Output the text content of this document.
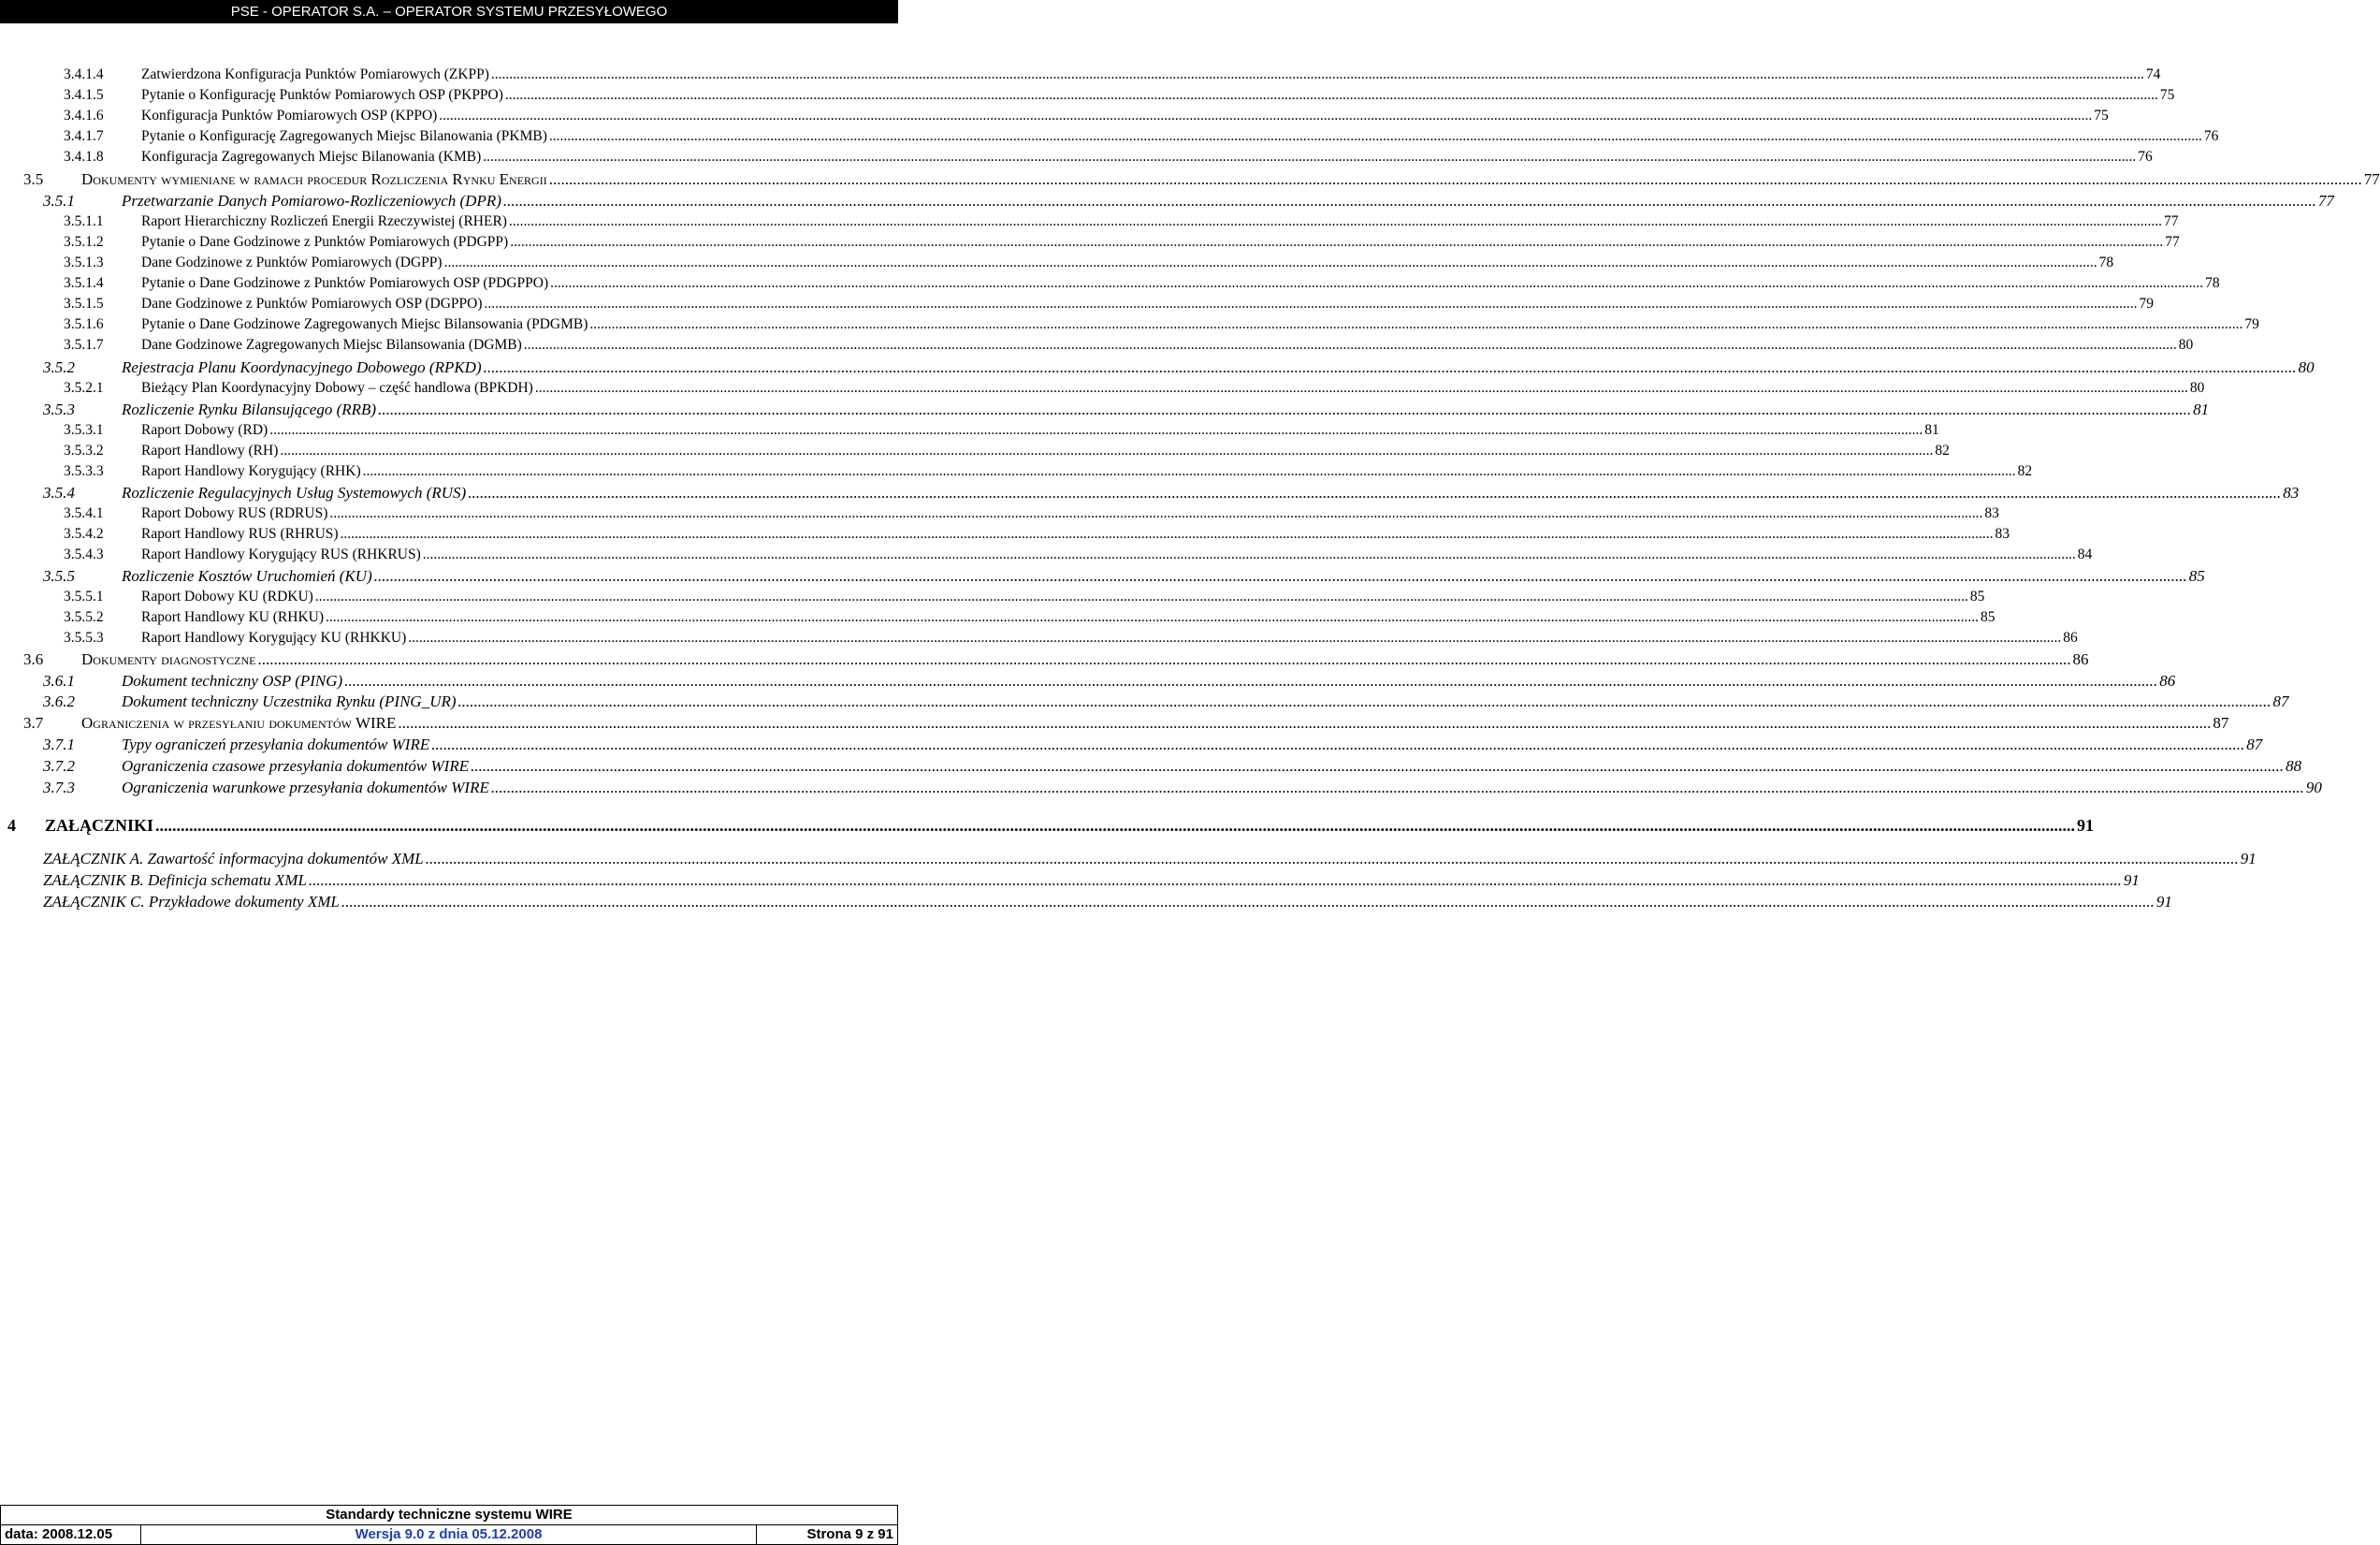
PSE - OPERATOR S.A. – OPERATOR SYSTEMU PRZESYŁOWEGO
3.4.1.4	Zatwierdzona Konfiguracja Punktów Pomiarowych (ZKPP) .....	74
3.4.1.5	Pytanie o Konfigurację Punktów Pomiarowych OSP (PKPPO) .....	75
3.4.1.6	Konfiguracja Punktów Pomiarowych OSP (KPPO) .....	75
3.4.1.7	Pytanie o Konfigurację Zagregowanych Miejsc Bilanowania (PKMB) .....	76
3.4.1.8	Konfiguracja Zagregowanych Miejsc Bilanowania (KMB) .....	76
3.5	Dokumenty wymieniane w ramach procedur Rozliczenia Rynku Energii .....	77
3.5.1	Przetwarzanie Danych Pomiarowo-Rozliczeniowych (DPR) .....	77
3.5.1.1	Raport Hierarchiczny Rozliczeń Energii Rzeczywistej (RHER) .....	77
3.5.1.2	Pytanie o Dane Godzinowe z Punktów Pomiarowych (PDGPP) .....	77
3.5.1.3	Dane Godzinowe z Punktów Pomiarowych (DGPP) .....	78
3.5.1.4	Pytanie o Dane Godzinowe z Punktów Pomiarowych OSP (PDGPPO) .....	78
3.5.1.5	Dane Godzinowe z Punktów Pomiarowych OSP (DGPPO) .....	79
3.5.1.6	Pytanie o Dane Godzinowe Zagregowanych Miejsc Bilansowania (PDGMB) .....	79
3.5.1.7	Dane Godzinowe Zagregowanych Miejsc Bilansowania (DGMB) .....	80
3.5.2	Rejestracja Planu Koordynacyjnego Dobowego (RPKD) .....	80
3.5.2.1	Bieżący Plan Koordynacyjny Dobowy – część handlowa (BPKDH) .....	80
3.5.3	Rozliczenie Rynku Bilansującego (RRB) .....	81
3.5.3.1	Raport Dobowy (RD) .....	81
3.5.3.2	Raport Handlowy (RH) .....	82
3.5.3.3	Raport Handlowy Korygujący (RHK) .....	82
3.5.4	Rozliczenie Regulacyjnych Usług Systemowych (RUS) .....	83
3.5.4.1	Raport Dobowy RUS (RDRUS) .....	83
3.5.4.2	Raport Handlowy RUS (RHRUS) .....	83
3.5.4.3	Raport Handlowy Korygujący RUS (RHKRUS) .....	84
3.5.5	Rozliczenie Kosztów Uruchomień (KU) .....	85
3.5.5.1	Raport Dobowy KU (RDKU) .....	85
3.5.5.2	Raport Handlowy KU (RHKU) .....	85
3.5.5.3	Raport Handlowy Korygujący KU (RHKKU) .....	86
3.6	Dokumenty diagnostyczne .....	86
3.6.1	Dokument techniczny OSP (PING) .....	86
3.6.2	Dokument techniczny Uczestnika Rynku (PING_UR) .....	87
3.7	Ograniczenia w przesyłaniu dokumentów WIRE .....	87
3.7.1	Typy ograniczeń przesyłania dokumentów WIRE .....	87
3.7.2	Ograniczenia czasowe przesyłania dokumentów WIRE .....	88
3.7.3	Ograniczenia warunkowe przesyłania dokumentów WIRE .....	90
4	ZAŁĄCZNIKI .....	91
ZAŁĄCZNIK A. Zawartość informacyjna dokumentów XML .....	91
ZAŁĄCZNIK B. Definicja schematu XML .....	91
ZAŁĄCZNIK C. Przykładowe dokumenty XML .....	91
Standardy techniczne systemu WIRE
data: 2008.12.05	Wersja 9.0 z dnia 05.12.2008	Strona 9 z 91
